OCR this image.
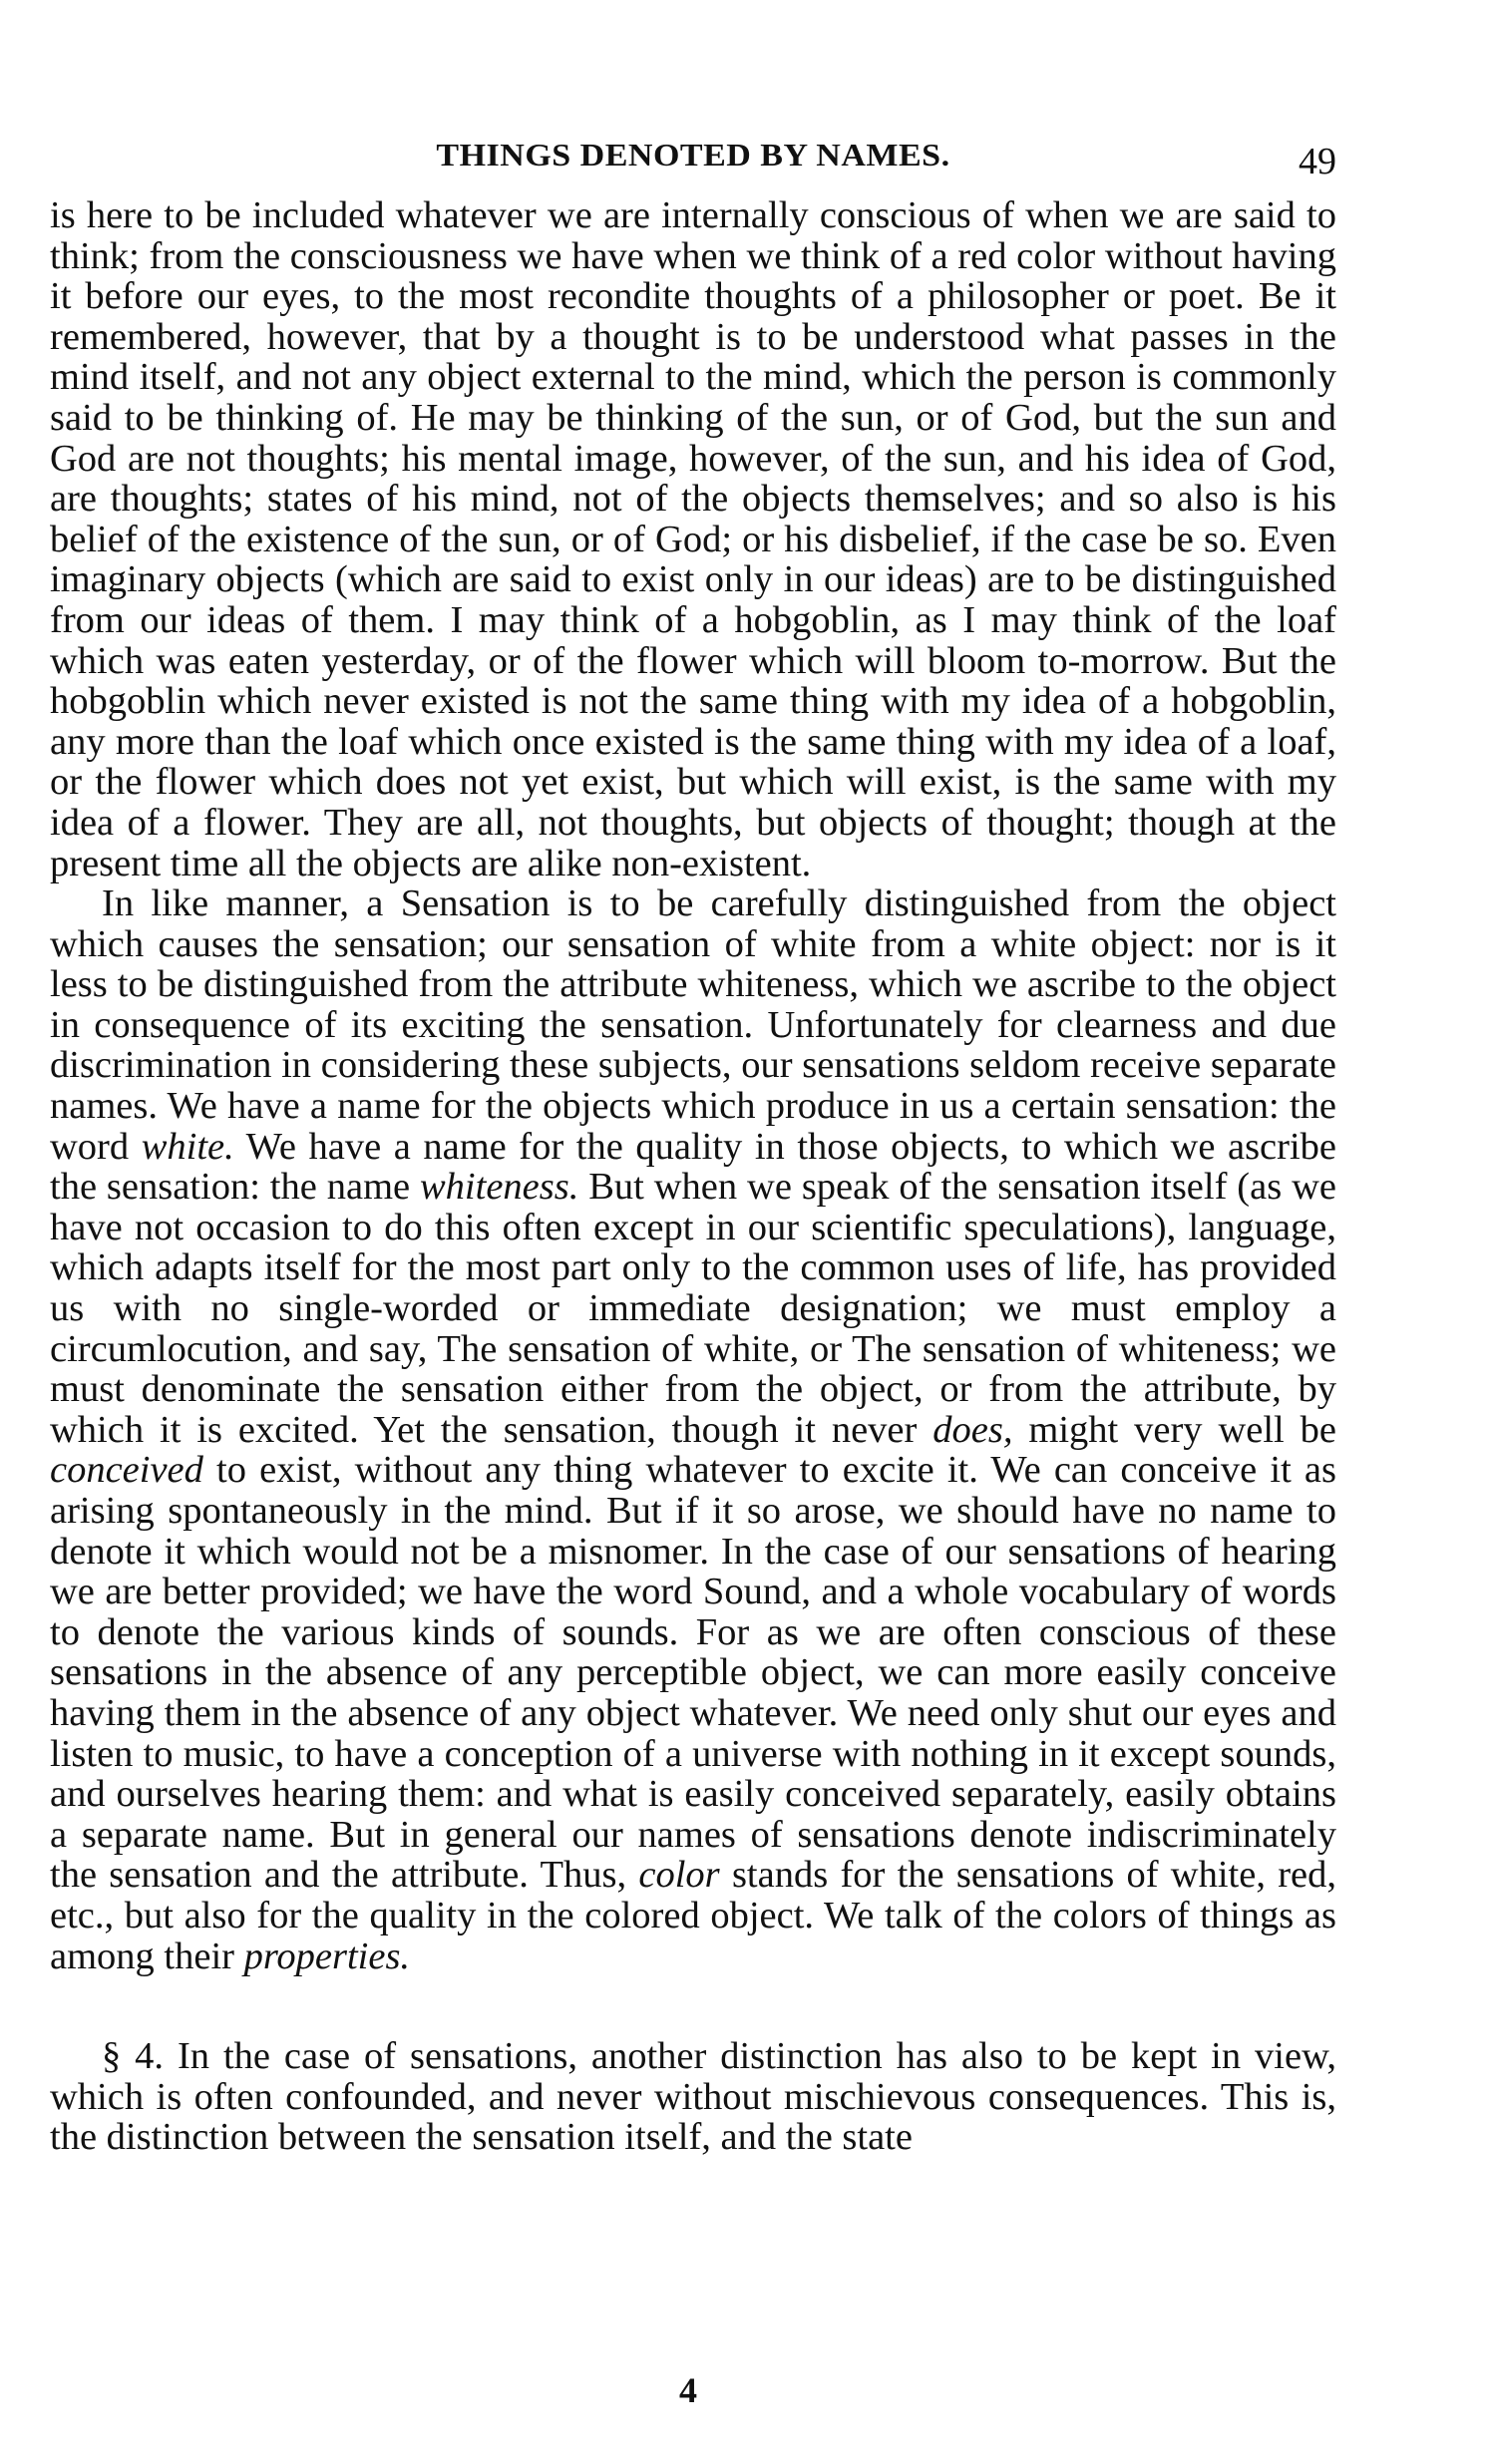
THINGS DENOTED BY NAMES.	49

is here to be included whatever we are internally conscious of when we are said to think; from the consciousness we have when we think of a red color without having it before our eyes, to the most recondite thoughts of a philosopher or poet. Be it remembered, however, that by a thought is to be understood what passes in the mind itself, and not any object external to the mind, which the person is commonly said to be thinking of. He may be thinking of the sun, or of God, but the sun and God are not thoughts; his mental image, however, of the sun, and his idea of God, are thoughts; states of his mind, not of the objects themselves; and so also is his belief of the existence of the sun, or of God; or his disbelief, if the case be so. Even imaginary objects (which are said to exist only in our ideas) are to be distinguished from our ideas of them. I may think of a hobgoblin, as I may think of the loaf which was eaten yesterday, or of the flower which will bloom to-morrow. But the hobgoblin which never existed is not the same thing with my idea of a hobgoblin, any more than the loaf which once existed is the same thing with my idea of a loaf, or the flower which does not yet exist, but which will exist, is the same with my idea of a flower. They are all, not thoughts, but objects of thought; though at the present time all the objects are alike non-existent.

In like manner, a Sensation is to be carefully distinguished from the object which causes the sensation; our sensation of white from a white object: nor is it less to be distinguished from the attribute whiteness, which we ascribe to the object in consequence of its exciting the sensation. Unfortunately for clearness and due discrimination in considering these subjects, our sensations seldom receive separate names. We have a name for the objects which produce in us a certain sensation: the word white. We have a name for the quality in those objects, to which we ascribe the sensation: the name whiteness. But when we speak of the sensation itself (as we have not occasion to do this often except in our scientific speculations), language, which adapts itself for the most part only to the common uses of life, has provided us with no single-worded or immediate designation; we must employ a circumlocution, and say, The sensation of white, or The sensation of whiteness; we must denominate the sensation either from the object, or from the attribute, by which it is excited. Yet the sensation, though it never does, might very well be conceived to exist, without any thing whatever to excite it. We can conceive it as arising spontaneously in the mind. But if it so arose, we should have no name to denote it which would not be a misnomer. In the case of our sensations of hearing we are better provided; we have the word Sound, and a whole vocabulary of words to denote the various kinds of sounds. For as we are often conscious of these sensations in the absence of any perceptible object, we can more easily conceive having them in the absence of any object whatever. We need only shut our eyes and listen to music, to have a conception of a universe with nothing in it except sounds, and ourselves hearing them: and what is easily conceived separately, easily obtains a separate name. But in general our names of sensations denote indiscriminately the sensation and the attribute. Thus, color stands for the sensations of white, red, etc., but also for the quality in the colored object. We talk of the colors of things as among their properties.

§ 4. In the case of sensations, another distinction has also to be kept in view, which is often confounded, and never without mischievous consequences. This is, the distinction between the sensation itself, and the state

4
